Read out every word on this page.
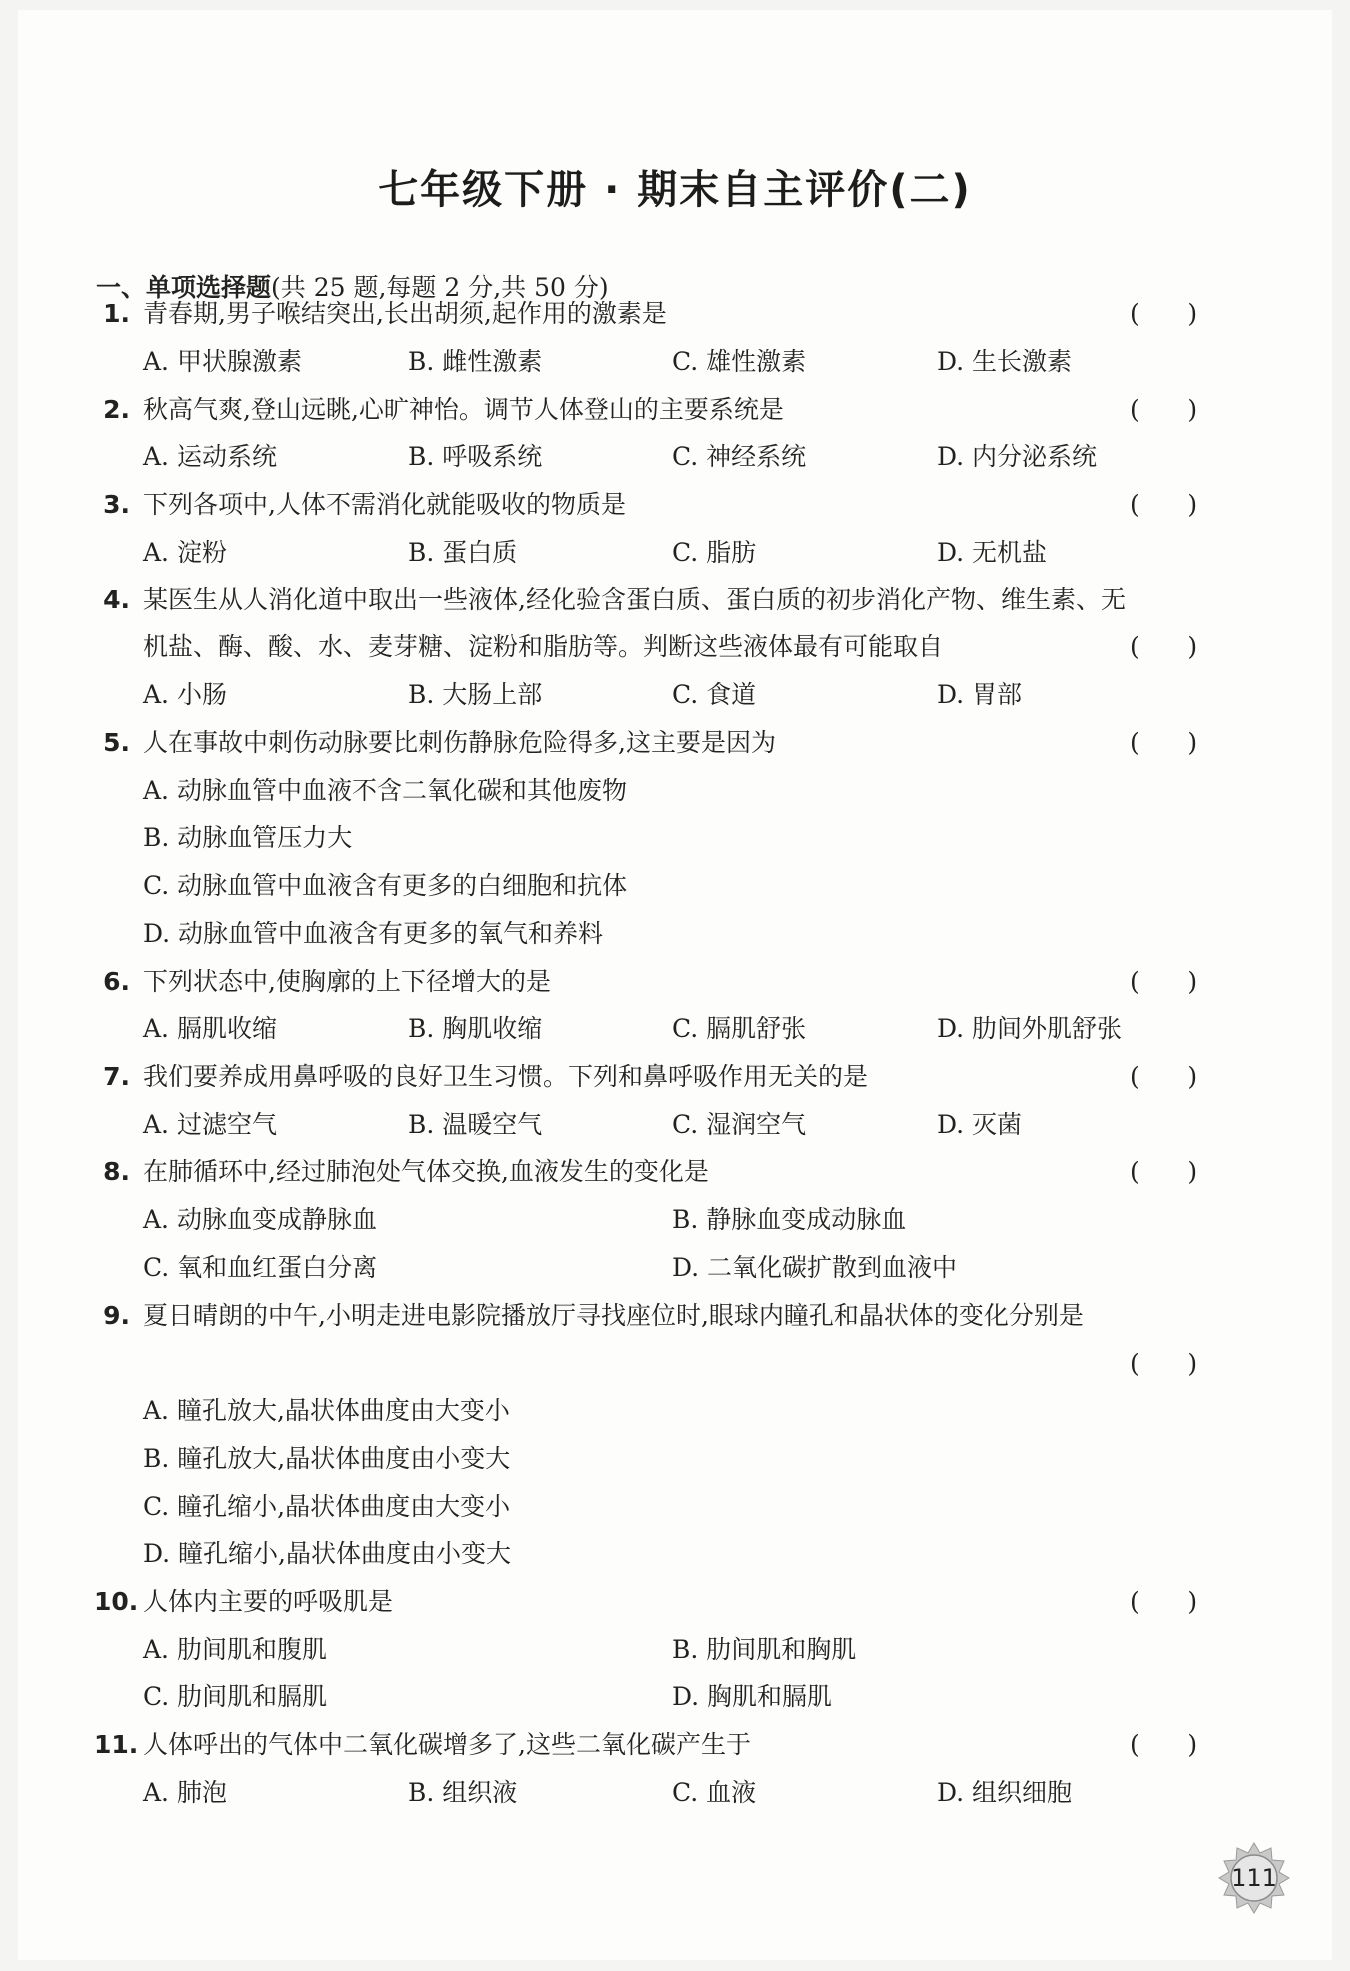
七年级下册 · 期末自主评价(二)
一、单项选择题(共 25 题,每题 2 分,共 50 分)
1. 青春期,男子喉结突出,长出胡须,起作用的激素是	(      )
A. 甲状腺激素	B. 雌性激素	C. 雄性激素	D. 生长激素
2. 秋高气爽,登山远眺,心旷神怡。调节人体登山的主要系统是	(      )
A. 运动系统	B. 呼吸系统	C. 神经系统	D. 内分泌系统
3. 下列各项中,人体不需消化就能吸收的物质是	(      )
A. 淀粉	B. 蛋白质	C. 脂肪	D. 无机盐
4. 某医生从人消化道中取出一些液体,经化验含蛋白质、蛋白质的初步消化产物、维生素、无
机盐、酶、酸、水、麦芽糖、淀粉和脂肪等。判断这些液体最有可能取自	(      )
A. 小肠	B. 大肠上部	C. 食道	D. 胃部
5. 人在事故中刺伤动脉要比刺伤静脉危险得多,这主要是因为	(      )
A. 动脉血管中血液不含二氧化碳和其他废物
B. 动脉血管压力大
C. 动脉血管中血液含有更多的白细胞和抗体
D. 动脉血管中血液含有更多的氧气和养料
6. 下列状态中,使胸廓的上下径增大的是	(      )
A. 膈肌收缩	B. 胸肌收缩	C. 膈肌舒张	D. 肋间外肌舒张
7. 我们要养成用鼻呼吸的良好卫生习惯。下列和鼻呼吸作用无关的是	(      )
A. 过滤空气	B. 温暖空气	C. 湿润空气	D. 灭菌
8. 在肺循环中,经过肺泡处气体交换,血液发生的变化是	(      )
A. 动脉血变成静脉血	B. 静脉血变成动脉血
C. 氧和血红蛋白分离	D. 二氧化碳扩散到血液中
9. 夏日晴朗的中午,小明走进电影院播放厅寻找座位时,眼球内瞳孔和晶状体的变化分别是
(      )
A. 瞳孔放大,晶状体曲度由大变小
B. 瞳孔放大,晶状体曲度由小变大
C. 瞳孔缩小,晶状体曲度由大变小
D. 瞳孔缩小,晶状体曲度由小变大
10. 人体内主要的呼吸肌是	(      )
A. 肋间肌和腹肌	B. 肋间肌和胸肌
C. 肋间肌和膈肌	D. 胸肌和膈肌
11. 人体呼出的气体中二氧化碳增多了,这些二氧化碳产生于	(      )
A. 肺泡	B. 组织液	C. 血液	D. 组织细胞
111
